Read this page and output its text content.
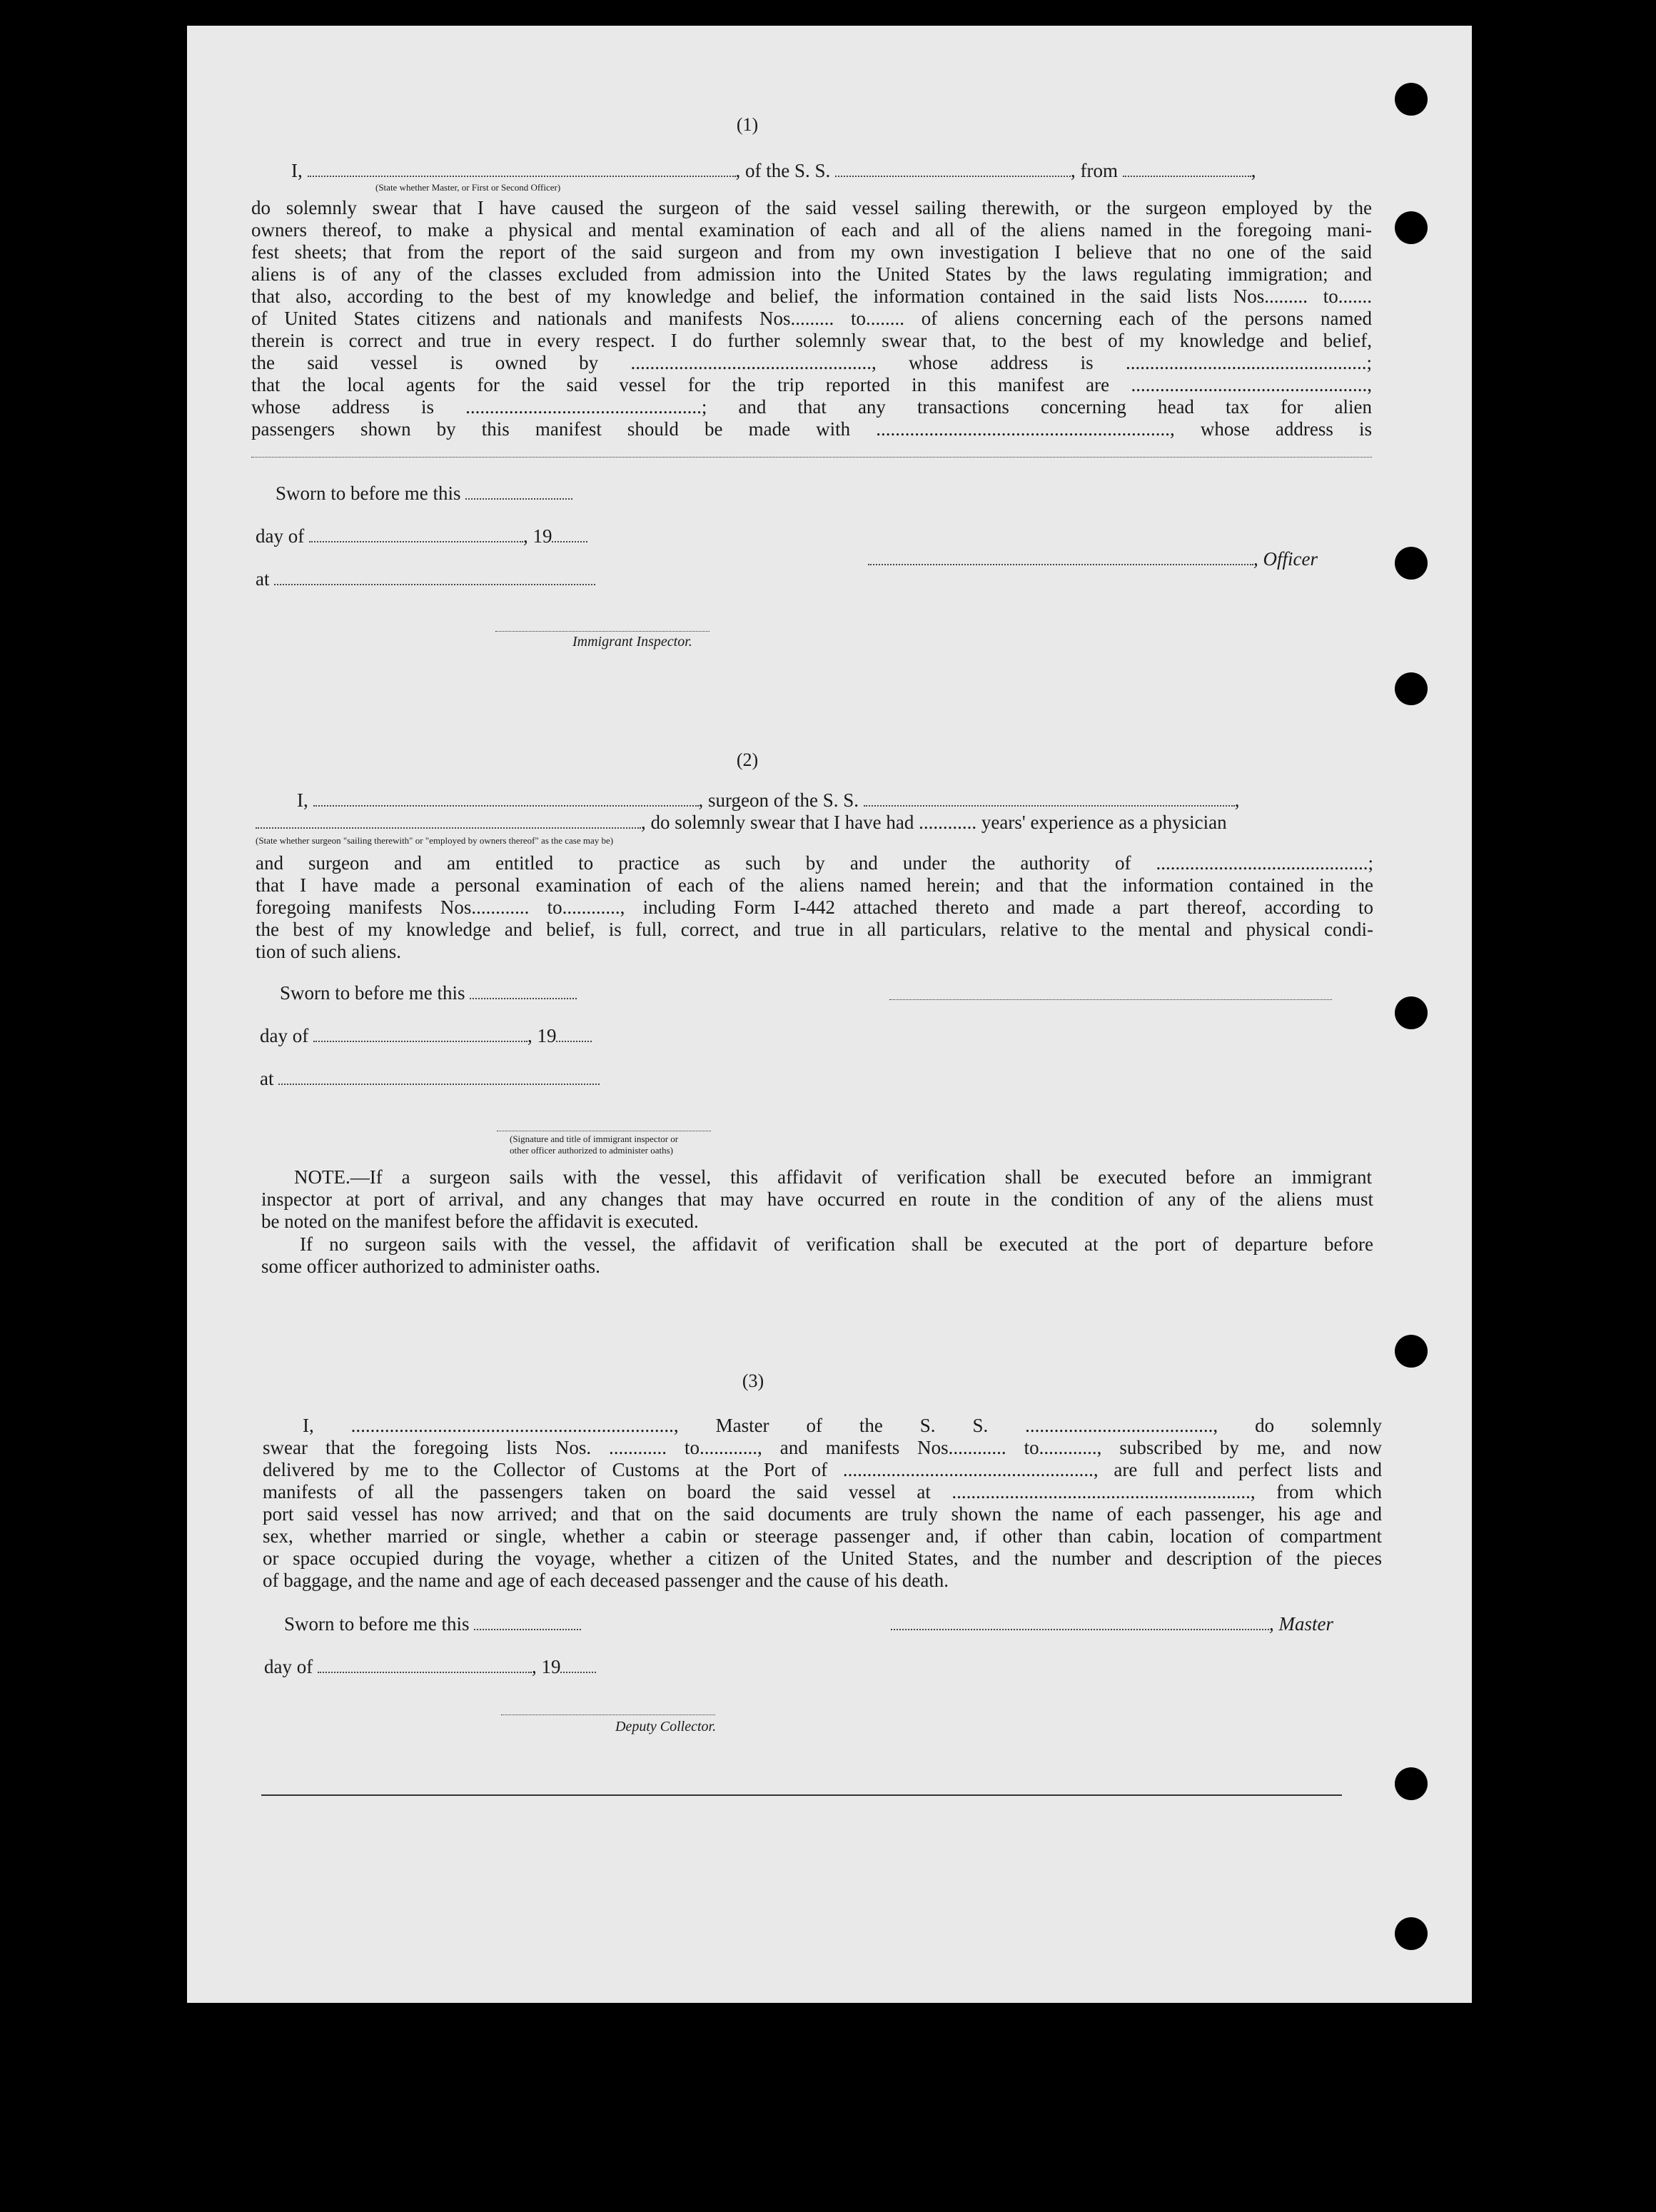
(1)
I,	, of the S. S.	, from	,
(State whether Master, or First or Second Officer)
do solemnly swear that I have caused the surgeon of the said vessel sailing therewith, or the surgeon employed by the
owners thereof, to make a physical and mental examination of each and all of the aliens named in the foregoing mani-
fest sheets; that from the report of the said surgeon and from my own investigation I believe that no one of the said
aliens is of any of the classes excluded from admission into the United States by the laws regulating immigration; and
that also, according to the best of my knowledge and belief, the information contained in the said lists Nos......... to.......
of United States citizens and nationals and manifests Nos......... to........ of aliens concerning each of the persons named
therein is correct and true in every respect. I do further solemnly swear that, to the best of my knowledge and belief,
the said vessel is owned by .................................................., whose address is ..................................................;
that the local agents for the said vessel for the trip reported in this manifest are .................................................,
whose address is .................................................; and that any transactions concerning head tax for alien
passengers shown by this manifest should be made with ............................................................., whose address is
Sworn to before me this
day of	, 19
at
, Officer
Immigrant Inspector.
(2)
I,	, surgeon of the S. S.	,
, do solemnly swear that I have had ............ years' experience as a physician
(State whether surgeon "sailing therewith" or "employed by owners thereof" as the case may be)
and surgeon and am entitled to practice as such by and under the authority of ............................................;
that I have made a personal examination of each of the aliens named herein; and that the information contained in the
foregoing manifests Nos............ to............, including Form I-442 attached thereto and made a part thereof, according to
the best of my knowledge and belief, is full, correct, and true in all particulars, relative to the mental and physical condi-
tion of such aliens.
Sworn to before me this
day of	, 19
at
(Signature and title of immigrant inspector or
other officer authorized to administer oaths)
NOTE.—If a surgeon sails with the vessel, this affidavit of verification shall be executed before an immigrant
inspector at port of arrival, and any changes that may have occurred en route in the condition of any of the aliens must
be noted on the manifest before the affidavit is executed.
If no surgeon sails with the vessel, the affidavit of verification shall be executed at the port of departure before
some officer authorized to administer oaths.
(3)
I, ..................................................................., Master of the S. S. ......................................., do solemnly
swear that the foregoing lists Nos. ............ to............, and manifests Nos............ to............, subscribed by me, and now
delivered by me to the Collector of Customs at the Port of ...................................................., are full and perfect lists and
manifests of all the passengers taken on board the said vessel at .............................................................., from which
port said vessel has now arrived; and that on the said documents are truly shown the name of each passenger, his age and
sex, whether married or single, whether a cabin or steerage passenger and, if other than cabin, location of compartment
or space occupied during the voyage, whether a citizen of the United States, and the number and description of the pieces
of baggage, and the name and age of each deceased passenger and the cause of his death.
Sworn to before me this	, Master
day of	, 19
Deputy Collector.
